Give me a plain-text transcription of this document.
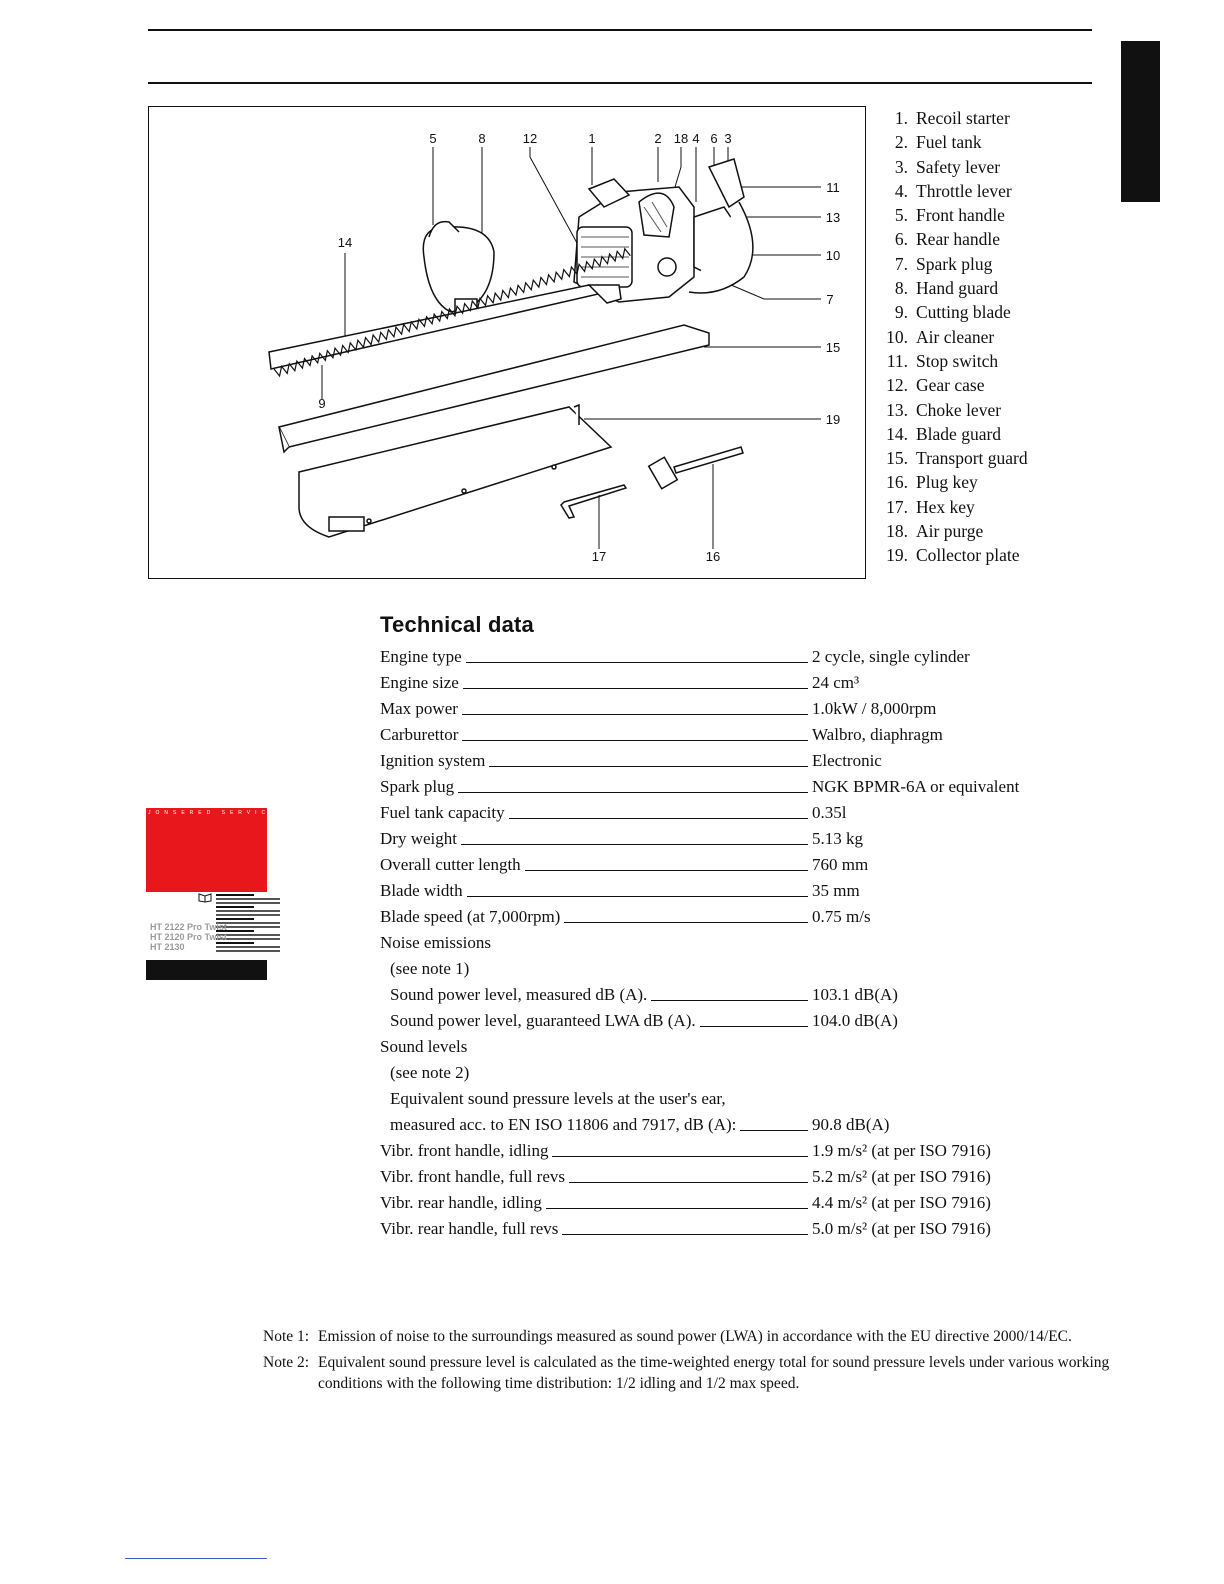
5	8	12	1	2 18 4 6 3
11
13
10
7
15
19
14
9
17	16
1. Recoil starter
2. Fuel tank
3. Safety lever
4. Throttle lever
5. Front handle
6. Rear handle
7. Spark plug
8. Hand guard
9. Cutting blade
10. Air cleaner
11. Stop switch
12. Gear case
13. Choke lever
14. Blade guard
15. Transport guard
16. Plug key
17. Hex key
18. Air purge
19. Collector plate
JONSERED SERVICE
HT 2122 Pro Twist
HT 2120 Pro Twist
HT 2130
Technical data
Engine type	2 cycle, single cylinder
Engine size	24 cm³
Max power	1.0kW / 8,000rpm
Carburettor	Walbro, diaphragm
Ignition system	Electronic
Spark plug	NGK BPMR-6A or equivalent
Fuel tank capacity	0.35l
Dry weight	5.13 kg
Overall cutter length	760 mm
Blade width	35 mm
Blade speed (at 7,000rpm)	0.75 m/s
Noise emissions
(see note 1)
Sound power level, measured dB (A).	103.1 dB(A)
Sound power level, guaranteed LWA dB (A).	104.0 dB(A)
Sound levels
(see note 2)
Equivalent sound pressure levels at the user's ear,
measured acc. to EN ISO 11806 and 7917, dB (A):	90.8 dB(A)
Vibr. front handle, idling	1.9 m/s² (at per ISO 7916)
Vibr. front handle, full revs	5.2 m/s² (at per ISO 7916)
Vibr. rear handle, idling	4.4 m/s² (at per ISO 7916)
Vibr. rear handle, full revs	5.0 m/s² (at per ISO 7916)
Note 1: Emission of noise to the surroundings measured as sound power (LWA) in accordance with the EU directive 2000/14/EC.
Note 2: Equivalent sound pressure level is calculated as the time-weighted energy total for sound pressure levels under various working conditions with the following time distribution: 1/2 idling and 1/2 max speed.
